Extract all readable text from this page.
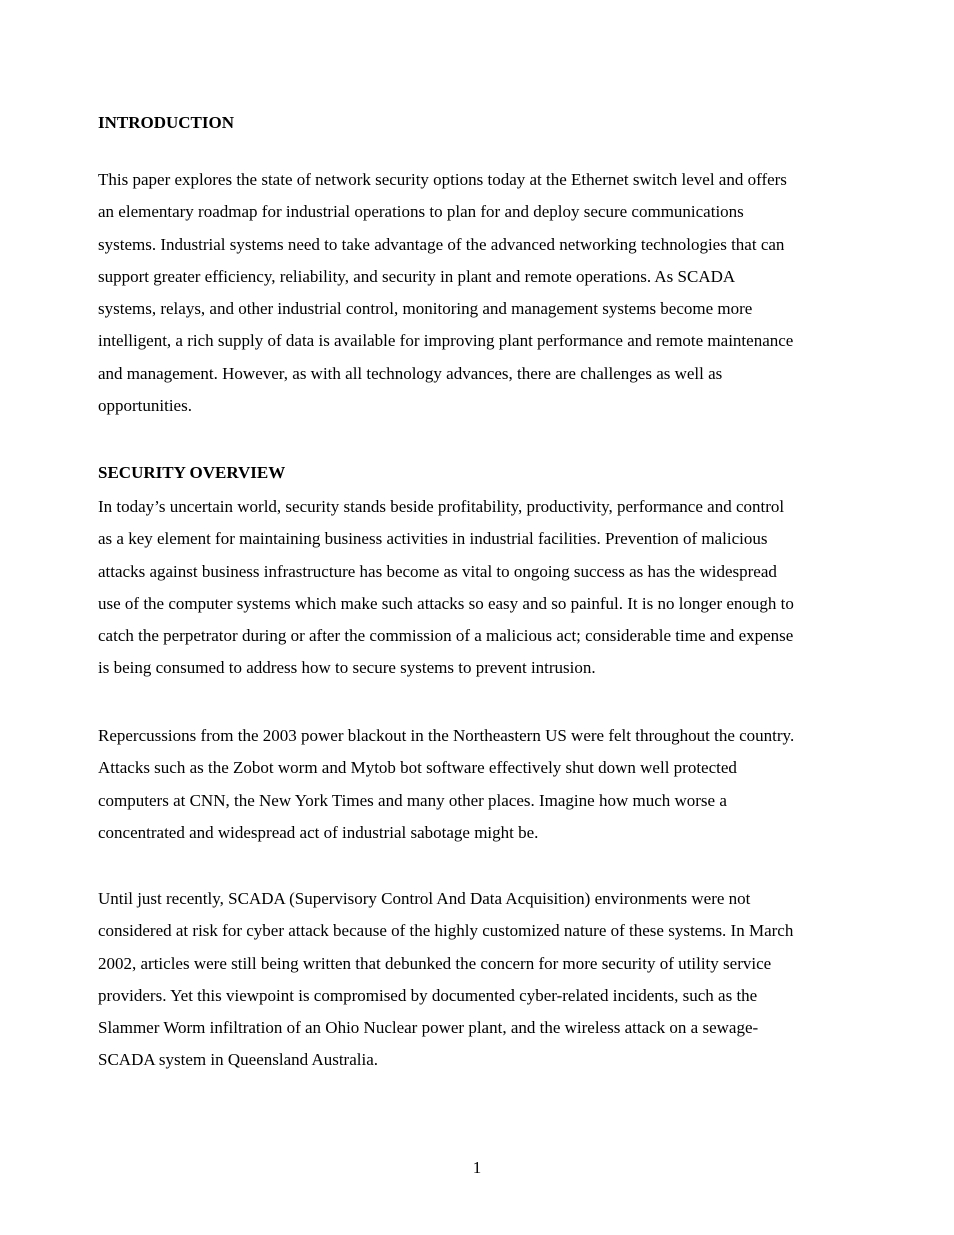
INTRODUCTION
This paper explores the state of network security options today at the Ethernet switch level and offers
an elementary roadmap for industrial operations to plan for and deploy secure communications
systems. Industrial systems need to take advantage of the advanced networking technologies that can
support greater efficiency, reliability, and security in plant and remote operations. As SCADA
systems, relays, and other industrial control, monitoring and management systems become more
intelligent, a rich supply of data is available for improving plant performance and remote maintenance
and management. However, as with all technology advances, there are challenges as well as
opportunities.
SECURITY OVERVIEW
In today’s uncertain world, security stands beside profitability, productivity, performance and control
as a key element for maintaining business activities in industrial facilities. Prevention of malicious
attacks against business infrastructure has become as vital to ongoing success as has the widespread
use of the computer systems which make such attacks so easy and so painful. It is no longer enough to
catch the perpetrator during or after the commission of a malicious act; considerable time and expense
is being consumed to address how to secure systems to prevent intrusion.
Repercussions from the 2003 power blackout in the Northeastern US were felt throughout the country.
Attacks such as the Zobot worm and Mytob bot software effectively shut down well protected
computers at CNN, the New York Times and many other places. Imagine how much worse a
concentrated and widespread act of industrial sabotage might be.
Until just recently, SCADA (Supervisory Control And Data Acquisition) environments were not
considered at risk for cyber attack because of the highly customized nature of these systems. In March
2002, articles were still being written that debunked the concern for more security of utility service
providers. Yet this viewpoint is compromised by documented cyber-related incidents, such as the
Slammer Worm infiltration of an Ohio Nuclear power plant, and the wireless attack on a sewage-
SCADA system in Queensland Australia.
1
